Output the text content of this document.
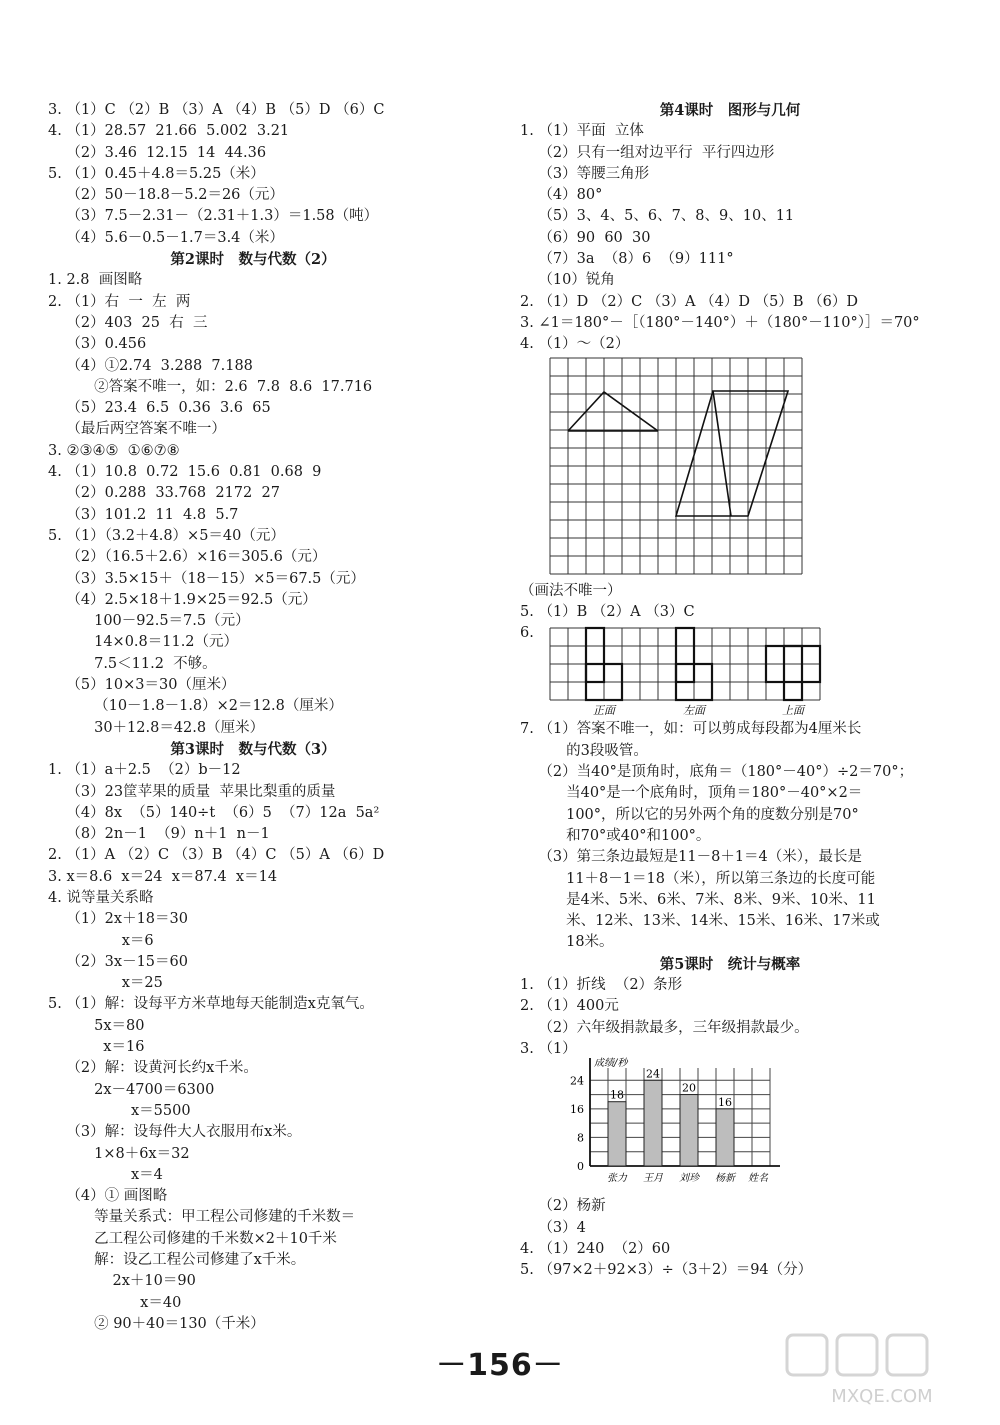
3. （1）C （2）B （3）A （4）B （5）D （6）C
4. （1）28.57  21.66  5.002  3.21
（2）3.46  12.15  14  44.36
5. （1）0.45＋4.8＝5.25（米）
（2）50－18.8－5.2＝26（元）
（3）7.5－2.31－（2.31＋1.3）＝1.58（吨）
（4）5.6－0.5－1.7＝3.4（米）
第2课时　数与代数（2）
1. 2.8  画图略
2. （1）右  一  左  两
（2）403  25  右  三
（3）0.456
（4）①2.74  3.288  7.188
②答案不唯一，如：2.6  7.8  8.6  17.716
（5）23.4  6.5  0.36  3.6  65
（最后两空答案不唯一）
3. ②③④⑤  ①⑥⑦⑧
4. （1）10.8  0.72  15.6  0.81  0.68  9
（2）0.288  33.768  2172  27
（3）101.2  11  4.8  5.7
5. （1）（3.2＋4.8）×5＝40（元）
（2）（16.5＋2.6）×16＝305.6（元）
（3）3.5×15＋（18－15）×5＝67.5（元）
（4）2.5×18＋1.9×25＝92.5（元）
100－92.5＝7.5（元）
14×0.8＝11.2（元）
7.5＜11.2  不够。
（5）10×3＝30（厘米）
（10－1.8－1.8）×2＝12.8（厘米）
30＋12.8＝42.8（厘米）
第3课时　数与代数（3）
1. （1）a＋2.5  （2）b－12
（3）23筐苹果的质量  苹果比梨重的质量
（4）8x  （5）140÷t  （6）5  （7）12a  5a²
（8）2n－1  （9）n＋1  n－1
2. （1）A （2）C （3）B （4）C （5）A （6）D
3. x＝8.6  x＝24  x＝87.4  x＝14
4. 说等量关系略
（1）2x＋18＝30
x＝6
（2）3x－15＝60
x＝25
5. （1）解：设每平方米草地每天能制造x克氧气。
5x＝80
x＝16
（2）解：设黄河长约x千米。
2x－4700＝6300
x＝5500
（3）解：设每件大人衣服用布x米。
1×8＋6x＝32
x＝4
（4）① 画图略
等量关系式：甲工程公司修建的千米数＝
乙工程公司修建的千米数×2＋10千米
解：设乙工程公司修建了x千米。
2x＋10＝90
x＝40
② 90＋40＝130（千米）
第4课时　图形与几何
1. （1）平面  立体
（2）只有一组对边平行  平行四边形
（3）等腰三角形
（4）80°
（5）3、4、5、6、7、8、9、10、11
（6）90  60  30
（7）3a  （8）6  （9）111°
（10）锐角
2. （1）D （2）C （3）A （4）D （5）B （6）D
3. ∠1＝180°－［（180°－140°）＋（180°－110°）］＝70°
4. （1）～（2）
（画法不唯一）
5. （1）B （2）A （3）C
6.
正面	左面	上面
7. （1）答案不唯一，如：可以剪成每段都为4厘米长
的3段吸管。
（2）当40°是顶角时，底角＝（180°－40°）÷2＝70°；
当40°是一个底角时，顶角＝180°－40°×2＝
100°，所以它的另外两个角的度数分别是70°
和70°或40°和100°。
（3）第三条边最短是11－8＋1＝4（米），最长是
11＋8－1＝18（米），所以第三条边的长度可能
是4米、5米、6米、7米、8米、9米、10米、11
米、12米、13米、14米、15米、16米、17米或
18米。
第5课时　统计与概率
1. （1）折线  （2）条形
2. （1）400元
（2）六年级捐款最多，三年级捐款最少。
3. （1）
0
8
16
24
成绩/秒
18
张力
24
王月
20
刘珍
16
杨新 姓名
（2）杨新
（3）4
4. （1）240  （2）60
5. （97×2＋92×3）÷（3＋2）＝94（分）
－156－
MXQE.COM
